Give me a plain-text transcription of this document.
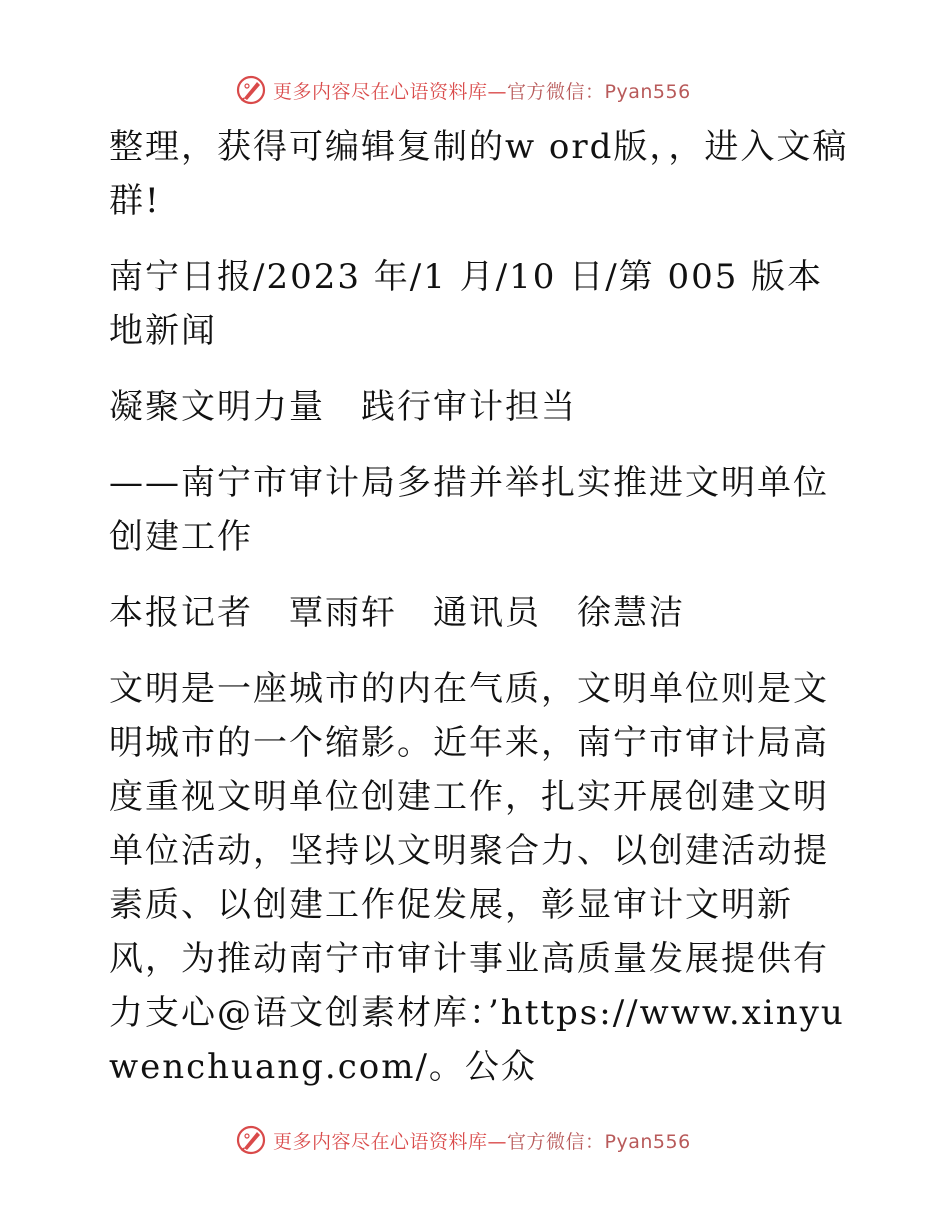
更多内容尽在心语资料库—官方微信：Pyan556

整理，获得可编辑复制的w ord版，，进入文稿群!

南宁日报/2023 年/1 月/10 日/第 005 版本地新闻

凝聚文明力量　践行审计担当

——南宁市审计局多措并举扎实推进文明单位创建工作

本报记者　覃雨轩　通讯员　徐慧洁

文明是一座城市的内在气质，文明单位则是文明城市的一个缩影。近年来，南宁市审计局高度重视文明单位创建工作，扎实开展创建文明单位活动，坚持以文明聚合力、以创建活动提素质、以创建工作促发展，彰显审计文明新风，为推动南宁市审计事业高质量发展提供有力支心@语文创素材库：’https://www.xinyuwenchuang.com/。公众

更多内容尽在心语资料库—官方微信：Pyan556
